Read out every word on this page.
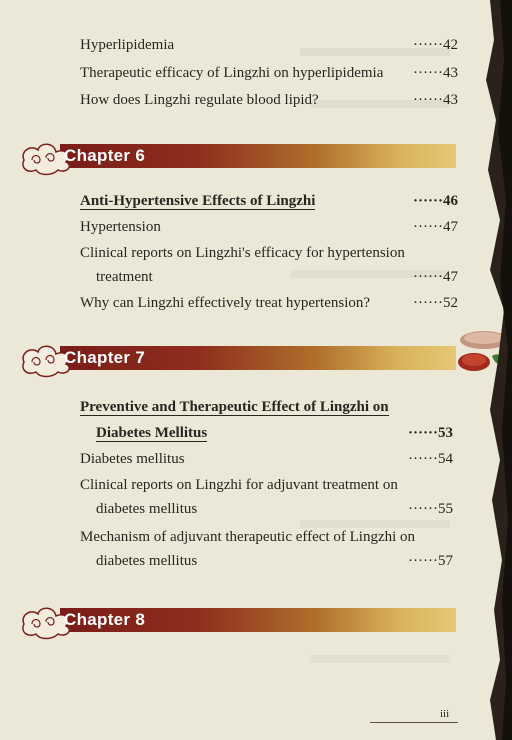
Hyperlipidemia	······42
Therapeutic efficacy of Lingzhi on hyperlipidemia ······43
How does Lingzhi regulate blood lipid?	······43
Chapter 6
Anti-Hypertensive Effects of Lingzhi	······46
Hypertension	······47
Clinical reports on Lingzhi's efficacy for hypertension
treatment	······47
Why can Lingzhi effectively treat hypertension?	······52
Chapter 7
Preventive and Therapeutic Effect of Lingzhi on
Diabetes Mellitus	······53
Diabetes mellitus	······54
Clinical reports on Lingzhi for adjuvant treatment on
diabetes mellitus	······55
Mechanism of adjuvant therapeutic effect of Lingzhi on
diabetes mellitus	······57
Chapter 8
iii
